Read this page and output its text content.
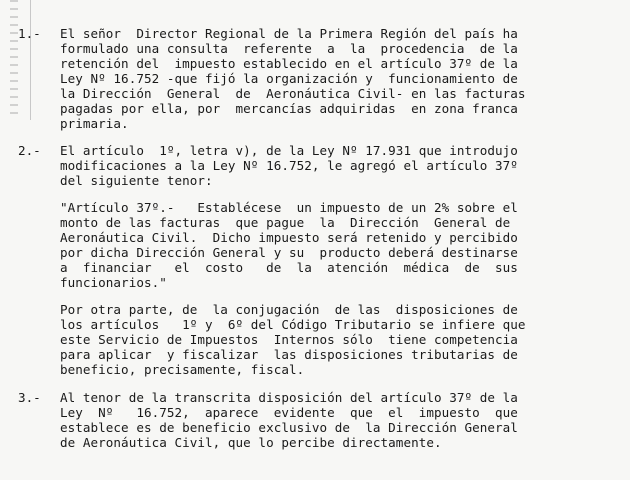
1.- El señor  Director Regional de la Primera Región del país ha
formulado una consulta  referente  a  la  procedencia  de la
retención del  impuesto establecido en el artículo 37º de la
Ley Nº 16.752 -que fijó la organización y  funcionamiento de
la Dirección  General  de  Aeronáutica Civil- en las facturas
pagadas por ella, por  mercancías adquiridas  en zona franca
primaria.
2.- El artículo  1º, letra v), de la Ley Nº 17.931 que introdujo
modificaciones a la Ley Nº 16.752, le agregó el artículo 37º
del siguiente tenor:
"Artículo 37º.-   Establécese  un impuesto de un 2% sobre el
monto de las facturas  que pague  la  Dirección  General de
Aeronáutica Civil.  Dicho impuesto será retenido y percibido
por dicha Dirección General y su  producto deberá destinarse
a  financiar   el  costo   de  la  atención  médica  de  sus
funcionarios."
Por otra parte, de  la conjugación  de las  disposiciones de
los artículos   1º y  6º del Código Tributario se infiere que
este Servicio de Impuestos  Internos sólo  tiene competencia
para aplicar  y fiscalizar  las disposiciones tributarias de
beneficio, precisamente, fiscal.
3.- Al tenor de la transcrita disposición del artículo 37º de la
Ley  Nº   16.752,  aparece  evidente  que  el  impuesto  que
establece es de beneficio exclusivo de  la Dirección General
de Aeronáutica Civil, que lo percibe directamente.
